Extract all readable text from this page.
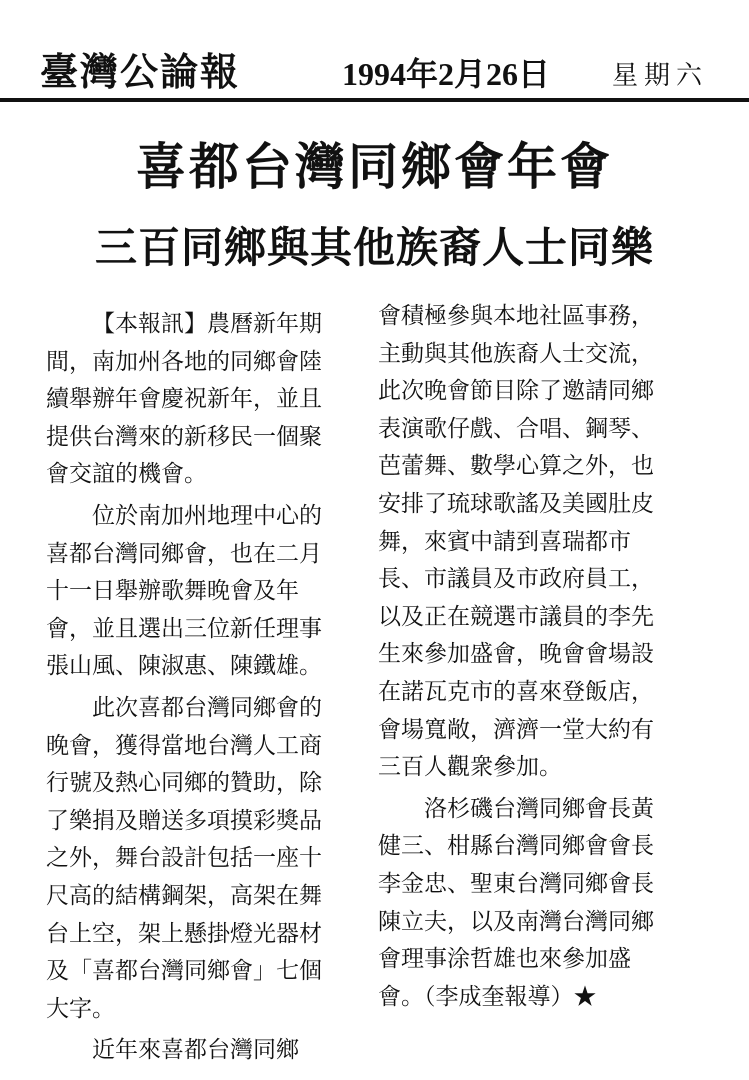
臺灣公論報	1994年2月26日 星期六
喜都台灣同鄉會年會
三百同鄉與其他族裔人士同樂

【本報訊】農曆新年期間，南加州各地的同鄉會陸續舉辦年會慶祝新年，並且提供台灣來的新移民一個聚會交誼的機會。

位於南加州地理中心的喜都台灣同鄉會，也在二月十一日舉辦歌舞晚會及年會，並且選出三位新任理事張山風、陳淑惠、陳鐵雄。

此次喜都台灣同鄉會的晚會，獲得當地台灣人工商行號及熱心同鄉的贊助，除了樂捐及贈送多項摸彩獎品之外，舞台設計包括一座十尺高的結構鋼架，高架在舞台上空，架上懸掛燈光器材及「喜都台灣同鄉會」七個大字。

近年來喜都台灣同鄉

會積極參與本地社區事務，主動與其他族裔人士交流，此次晚會節目除了邀請同鄉表演歌仔戲、合唱、鋼琴、芭蕾舞、數學心算之外，也安排了琉球歌謠及美國肚皮舞，來賓中請到喜瑞都市長、市議員及市政府員工，以及正在競選市議員的李先生來參加盛會，晚會會場設在諾瓦克市的喜來登飯店，會場寬敞，濟濟一堂大約有三百人觀衆參加。

洛杉磯台灣同鄉會長黃健三、柑縣台灣同鄉會會長李金忠、聖東台灣同鄉會長陳立夫，以及南灣台灣同鄉會理事涂哲雄也來參加盛會。（李成奎報導）★
